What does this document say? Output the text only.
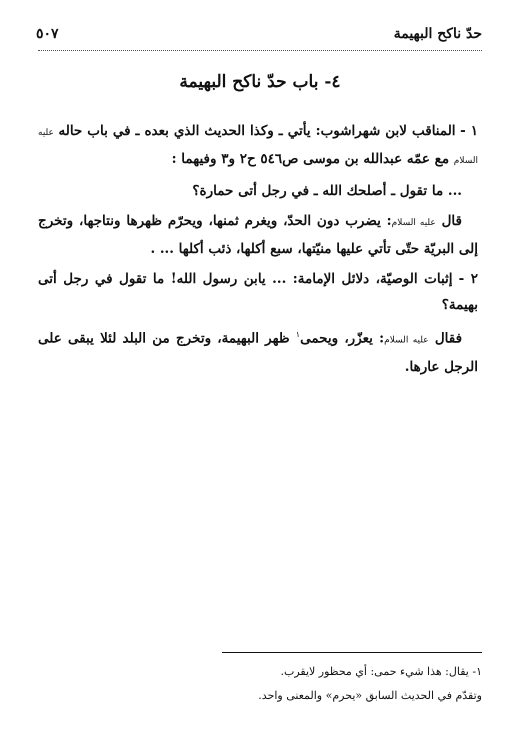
حدّ ناكح البهيمة
٥٠٧
٤- باب حدّ ناكح البهيمة

١ - المناقب لابن شهراشوب: يأتي ـ وكذا الحديث الذي بعده ـ في باب حاله عليه السلام مع عمّه عبدالله بن موسى ص٥٤٦ ح٢ و٣ وفيهما :

... ما تقول ـ أصلحك الله ـ في رجل أتى حمارة؟

قال عليه السلام: يضرب دون الحدّ، ويغرم ثمنها، ويحرّم ظهرها ونتاجها، وتخرج إلى البريّة حتّى تأتي عليها منيّتها، سبع أكلها، ذئب أكلها ... .

٢ - إثبات الوصيّة، دلائل الإمامة: ... يابن رسول الله! ما تقول في رجل أتى بهيمة؟

فقال عليه السلام: يعزّر، ويحمى$^١$ ظهر البهيمة، وتخرج من البلد لئلا يبقى على الرجل عارها.

١- يقال: هذا شيء حمى: أي محظور لايقرب.
وتقدّم في الحديث السابق «يحرم» والمعنى واحد.
